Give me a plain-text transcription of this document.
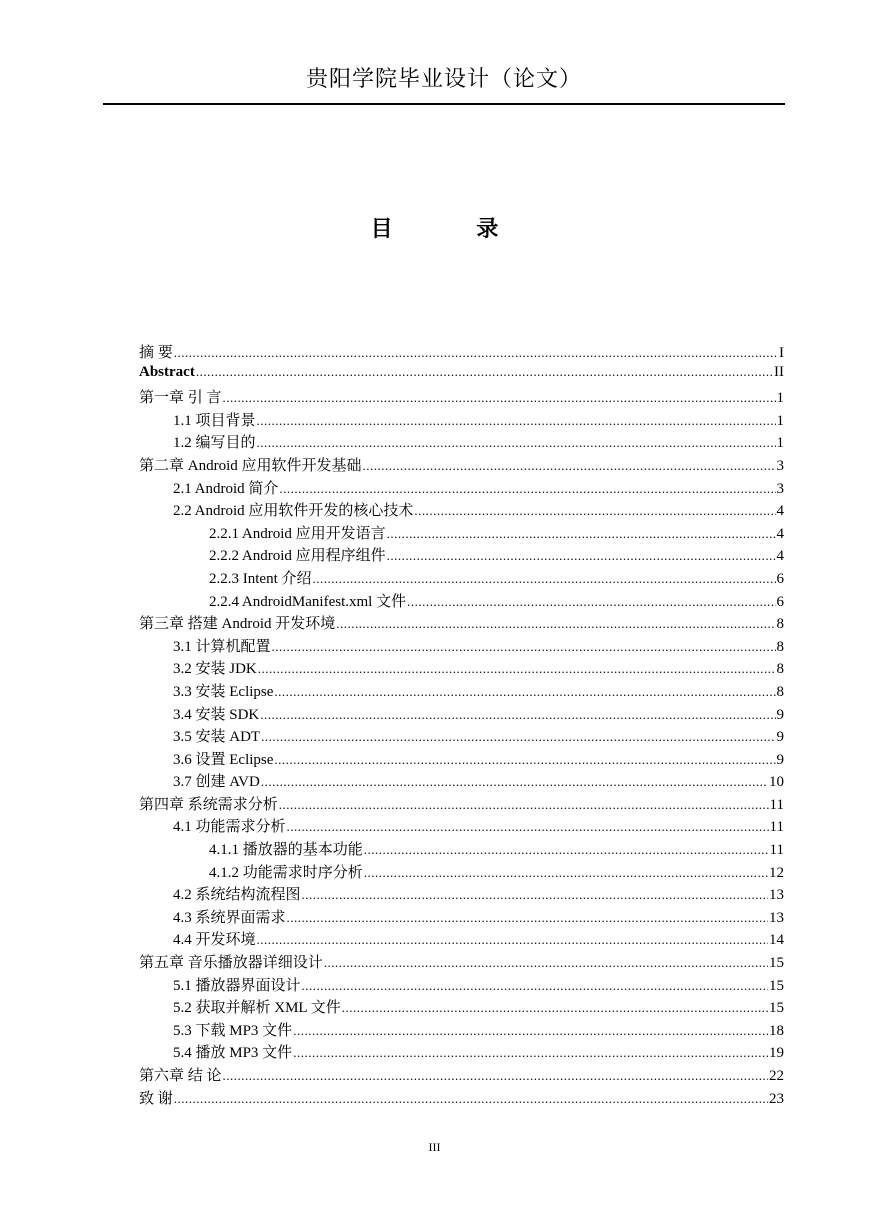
贵阳学院毕业设计（论文）
目 录
摘 要 .....	I
Abstract .....	II
第一章 引 言 .....	1
1.1 项目背景 .....	1
1.2 编写目的 .....	1
第二章 Android 应用软件开发基础 .....	3
2.1 Android 简介 .....	3
2.2 Android 应用软件开发的核心技术 .....	4
2.2.1 Android 应用开发语言 .....	4
2.2.2 Android 应用程序组件 .....	4
2.2.3 Intent 介绍 .....	6
2.2.4 AndroidManifest.xml 文件 .....	6
第三章 搭建 Android 开发环境 .....	8
3.1 计算机配置 .....	8
3.2 安装 JDK .....	8
3.3 安装 Eclipse .....	8
3.4 安装 SDK .....	9
3.5 安装 ADT .....	9
3.6 设置 Eclipse .....	9
3.7 创建 AVD .....	10
第四章 系统需求分析 .....	11
4.1 功能需求分析 .....	11
4.1.1 播放器的基本功能 .....	11
4.1.2 功能需求时序分析 .....	12
4.2 系统结构流程图 .....	13
4.3 系统界面需求 .....	13
4.4 开发环境 .....	14
第五章 音乐播放器详细设计 .....	15
5.1 播放器界面设计 .....	15
5.2 获取并解析 XML 文件 .....	15
5.3 下载 MP3 文件 .....	18
5.4 播放 MP3 文件 .....	19
第六章 结 论 .....	22
致 谢 .....	23
III
